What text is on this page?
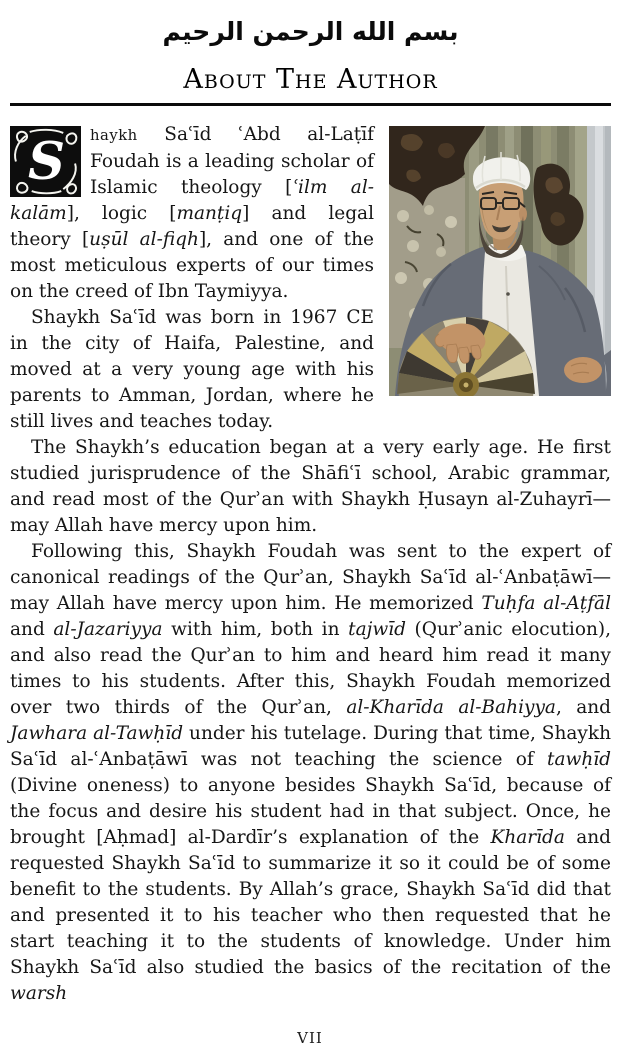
بسم الله الرحمن الرحيم
About The Author

S haykh Saʿīd ʿAbd al-Laṭīf Foudah is a leading scholar of Islamic theology [ʿilm al-kalām], logic [manṭiq] and legal theory [uṣūl al-fiqh], and one of the most meticulous experts of our times on the creed of Ibn Taymiyya.

Shaykh Saʿīd was born in 1967 CE in the city of Haifa, Palestine, and moved at a very young age with his parents to Amman, Jordan, where he still lives and teaches today.

The Shaykh’s education began at a very early age. He first studied jurisprudence of the Shāfiʿī school, Arabic grammar, and read most of the Qurʾan with Shaykh Ḥusayn al-Zuhayrī—may Allah have mercy upon him.

Following this, Shaykh Foudah was sent to the expert of canonical readings of the Qurʾan, Shaykh Saʿīd al-ʿAnbaṭāwī—may Allah have mercy upon him. He memorized Tuḥfa al-Aṭfāl and al-Jazariyya with him, both in tajwīd (Qurʾanic elocution), and also read the Qurʾan to him and heard him read it many times to his students. After this, Shaykh Foudah memorized over two thirds of the Qurʾan, al-Kharīda al-Bahiyya, and Jawhara al-Tawḥīd under his tutelage. During that time, Shaykh Saʿīd al-ʿAnbaṭāwī was not teaching the science of tawḥīd (Divine oneness) to anyone besides Shaykh Saʿīd, because of the focus and desire his student had in that subject. Once, he brought [Aḥmad] al-Dardīr’s explanation of the Kharīda and requested Shaykh Saʿīd to summarize it so it could be of some benefit to the students. By Allah’s grace, Shaykh Saʿīd did that and presented it to his teacher who then requested that he start teaching it to the students of knowledge. Under him Shaykh Saʿīd also studied the basics of the recitation of the warsh

VII
